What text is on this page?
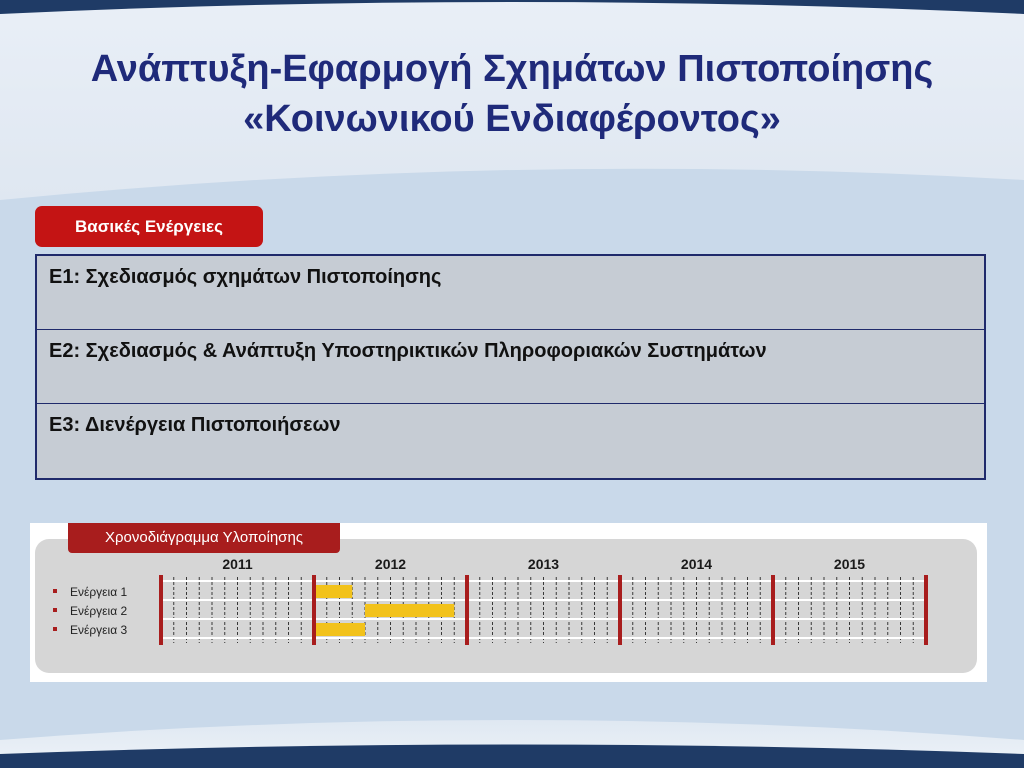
Ανάπτυξη-Εφαρμογή Σχημάτων Πιστοποίησης
«Κοινωνικού Ενδιαφέροντος»
Βασικές Ενέργειες
Ε1: Σχεδιασμός σχημάτων Πιστοποίησης
Ε2: Σχεδιασμός & Ανάπτυξη Υποστηρικτικών Πληροφοριακών Συστημάτων
Ε3: Διενέργεια Πιστοποιήσεων
Χρονοδιάγραμμα Υλοποίησης
2011	2012	2013	2014	2015
Ενέργεια 1
Ενέργεια 2
Ενέργεια 3
